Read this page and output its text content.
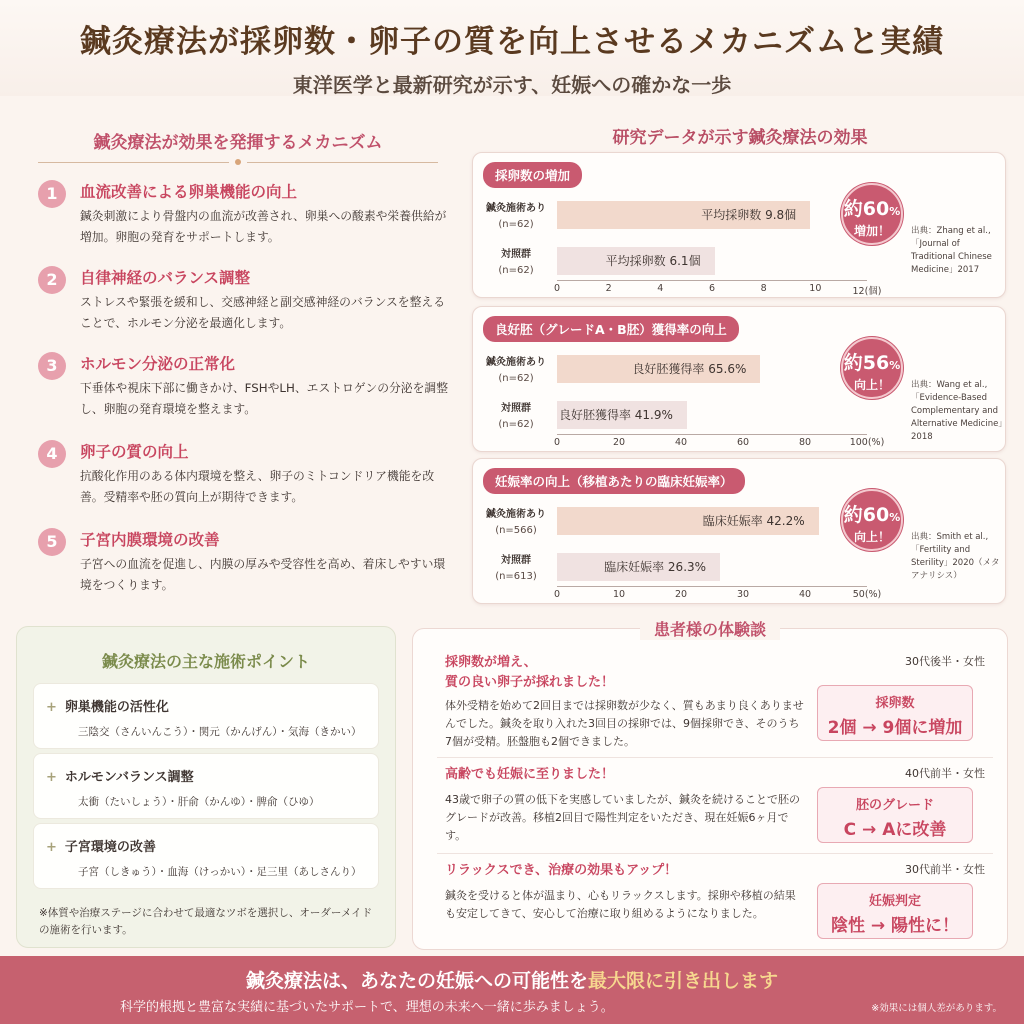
鍼灸療法が採卵数・卵子の質を向上させるメカニズムと実績
東洋医学と最新研究が示す、妊娠への確かな一歩
鍼灸療法が効果を発揮するメカニズム
1	血流改善による卵巣機能の向上
鍼灸刺激により骨盤内の血流が改善され、卵巣への酸素や栄養供給が増加。卵胞の発育をサポートします。
2	自律神経のバランス調整
ストレスや緊張を緩和し、交感神経と副交感神経のバランスを整えることで、ホルモン分泌を最適化します。
3	ホルモン分泌の正常化
下垂体や視床下部に働きかけ、FSHやLH、エストロゲンの分泌を調整し、卵胞の発育環境を整えます。
4	卵子の質の向上
抗酸化作用のある体内環境を整え、卵子のミトコンドリア機能を改善。受精率や胚の質向上が期待できます。
5	子宮内膜環境の改善
子宮への血流を促進し、内膜の厚みや受容性を高め、着床しやすい環境をつくります。
研究データが示す鍼灸療法の効果
採卵数の増加
鍼灸施術あり
(n=62)
対照群
(n=62)
平均採卵数 9.8個
平均採卵数 6.1個
0	2	4	6	8	10	12(個)
約60%
増加！	出典：Zhang et al., 「Journal of Traditional Chinese Medicine」2017
良好胚（グレードA・B胚）獲得率の向上
鍼灸施術あり
(n=62)
対照群
(n=62)
良好胚獲得率 65.6%
良好胚獲得率 41.9%
0	20	40	60	80	100(%)
約56%
向上！	出典：Wang et al., 「Evidence-Based Complementary and Alternative Medicine」2018
妊娠率の向上（移植あたりの臨床妊娠率）
鍼灸施術あり
(n=566)
対照群
(n=613)
臨床妊娠率 42.2%
臨床妊娠率 26.3%
0	10	20	30	40	50(%)
約60%
向上！	出典：Smith et al., 「Fertility and Sterility」2020（メタアナリシス）
鍼灸療法の主な施術ポイント
+ 卵巣機能の活性化
三陰交（さんいんこう）・関元（かんげん）・気海（きかい）
+ ホルモンバランス調整
太衝（たいしょう）・肝俞（かんゆ）・脾俞（ひゆ）
+ 子宮環境の改善
子宮（しきゅう）・血海（けっかい）・足三里（あしさんり）
※体質や治療ステージに合わせて最適なツボを選択し、オーダーメイドの施術を行います。
患者様の体験談
採卵数が増え、
質の良い卵子が採れました！
30代後半・女性
体外受精を始めて2回目までは採卵数が少なく、質もあまり良くありませんでした。鍼灸を取り入れた3回目の採卵では、9個採卵でき、そのうち7個が受精。胚盤胞も2個できました。
採卵数
2個 → 9個に増加
高齢でも妊娠に至りました！	40代前半・女性
43歳で卵子の質の低下を実感していましたが、鍼灸を続けることで胚のグレードが改善。移植2回目で陽性判定をいただき、現在妊娠6ヶ月です。
胚のグレード
C → Aに改善
リラックスでき、治療の効果もアップ！	30代前半・女性
鍼灸を受けると体が温まり、心もリラックスします。採卵や移植の結果も安定してきて、安心して治療に取り組めるようになりました。
妊娠判定
陰性 → 陽性に！
鍼灸療法は、あなたの妊娠への可能性を最大限に引き出します
科学的根拠と豊富な実績に基づいたサポートで、理想の未来へ一緒に歩みましょう。	※効果には個人差があります。
